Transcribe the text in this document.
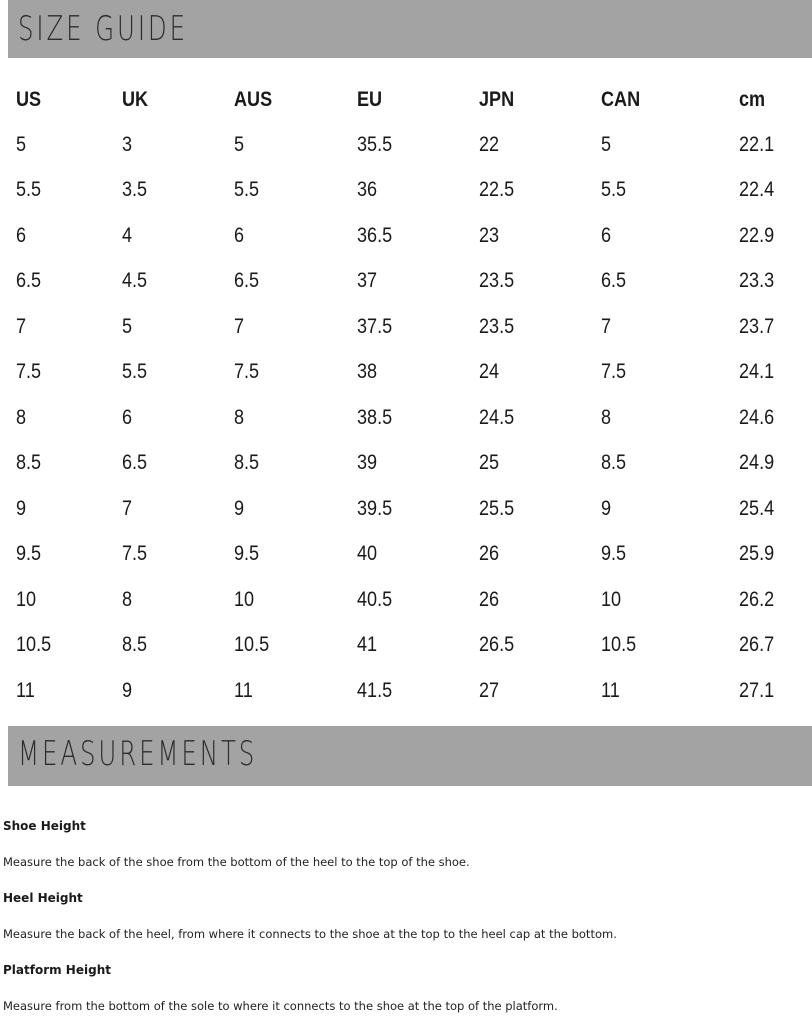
SIZE GUIDE
US	UK	AUS	EU	JPN	CAN	cm
5	3	5	35.5	22	5	22.1
5.5	3.5	5.5	36	22.5	5.5	22.4
6	4	6	36.5	23	6	22.9
6.5	4.5	6.5	37	23.5	6.5	23.3
7	5	7	37.5	23.5	7	23.7
7.5	5.5	7.5	38	24	7.5	24.1
8	6	8	38.5	24.5	8	24.6
8.5	6.5	8.5	39	25	8.5	24.9
9	7	9	39.5	25.5	9	25.4
9.5	7.5	9.5	40	26	9.5	25.9
10	8	10	40.5	26	10	26.2
10.5	8.5	10.5	41	26.5	10.5	26.7
11	9	11	41.5	27	11	27.1
MEASUREMENTS

Shoe Height

Measure the back of the shoe from the bottom of the heel to the top of the shoe.

Heel Height

Measure the back of the heel, from where it connects to the shoe at the top to the heel cap at the bottom.

Platform Height

Measure from the bottom of the sole to where it connects to the shoe at the top of the platform.
